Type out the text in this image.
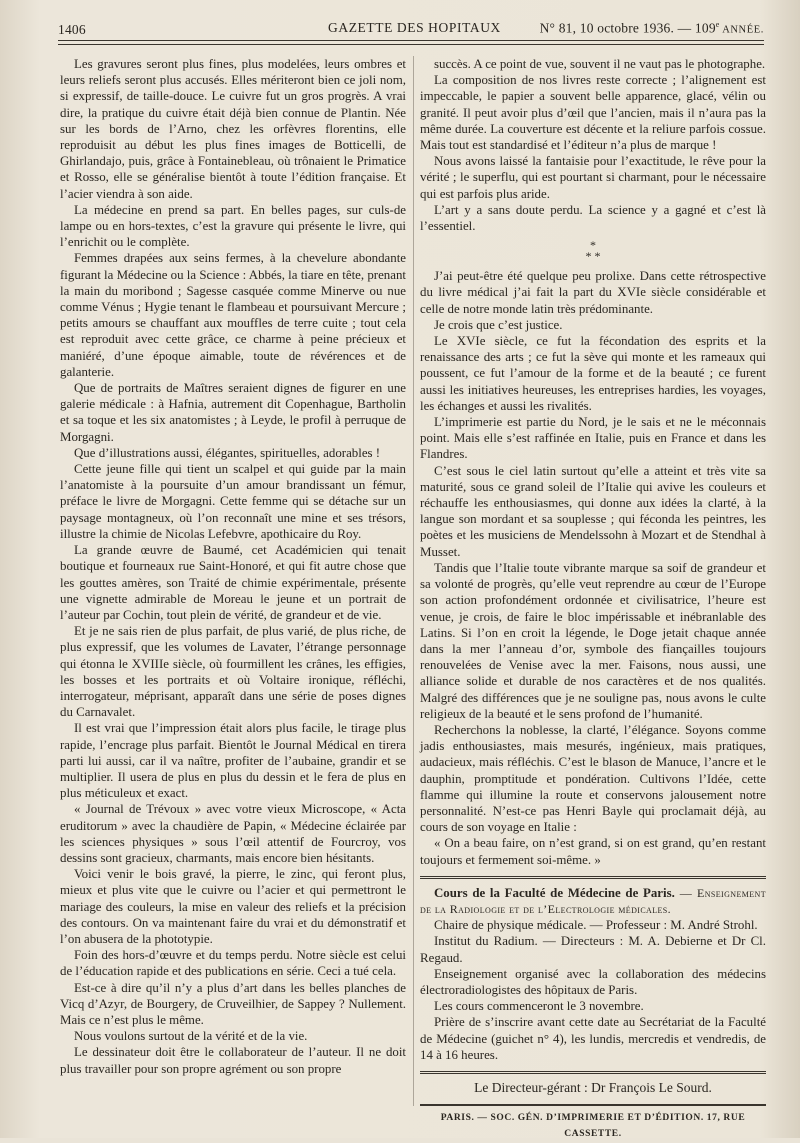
1406	GAZETTE DES HOPITAUX	N° 81, 10 octobre 1936. — 109e ANNÉE.

Les gravures seront plus fines, plus modelées, leurs ombres et leurs reliefs seront plus accusés. Elles mériteront bien ce joli nom, si expressif, de taille-douce. Le cuivre fut un gros progrès. A vrai dire, la pratique du cuivre était déjà bien connue de Plantin. Née sur les bords de l’Arno, chez les orfèvres florentins, elle reproduisit au début les plus fines images de Botticelli, de Ghirlandajo, puis, grâce à Fontainebleau, où trônaient le Primatice et Rosso, elle se généralise bientôt à toute l’édition française. Et l’acier viendra à son aide.

La médecine en prend sa part. En belles pages, sur culs-de lampe ou en hors-textes, c’est la gravure qui présente le livre, qui l’enrichit ou le complète.

Femmes drapées aux seins fermes, à la chevelure abondante figurant la Médecine ou la Science : Abbés, la tiare en tête, prenant la main du moribond ; Sagesse casquée comme Minerve ou nue comme Vénus ; Hygie tenant le flambeau et poursuivant Mercure ; petits amours se chauffant aux mouffles de terre cuite ; tout cela est reproduit avec cette grâce, ce charme à peine précieux et maniéré, d’une époque aimable, toute de révérences et de galanterie.

Que de portraits de Maîtres seraient dignes de figurer en une galerie médicale : à Hafnia, autrement dit Copenhague, Bartholin et sa toque et les six anatomistes ; à Leyde, le profil à perruque de Morgagni.

Que d’illustrations aussi, élégantes, spirituelles, adorables !

Cette jeune fille qui tient un scalpel et qui guide par la main l’anatomiste à la poursuite d’un amour brandissant un fémur, préface le livre de Morgagni. Cette femme qui se détache sur un paysage montagneux, où l’on reconnaît une mine et ses trésors, illustre la chimie de Nicolas Lefebvre, apothicaire du Roy.

La grande œuvre de Baumé, cet Académicien qui tenait boutique et fourneaux rue Saint-Honoré, et qui fit autre chose que les gouttes amères, son Traité de chimie expérimentale, présente une vignette admirable de Moreau le jeune et un portrait de l’auteur par Cochin, tout plein de vérité, de grandeur et de vie.

Et je ne sais rien de plus parfait, de plus varié, de plus riche, de plus expressif, que les volumes de Lavater, l’étrange personnage qui étonna le XVIIIe siècle, où fourmillent les crânes, les effigies, les bosses et les portraits et où Voltaire ironique, réfléchi, interrogateur, méprisant, apparaît dans une série de poses dignes du Carnavalet.

Il est vrai que l’impression était alors plus facile, le tirage plus rapide, l’encrage plus parfait. Bientôt le Journal Médical en tirera parti lui aussi, car il va naître, profiter de l’aubaine, grandir et se multiplier. Il usera de plus en plus du dessin et le fera de plus en plus méticuleux et exact.

« Journal de Trévoux » avec votre vieux Microscope, « Acta eruditorum » avec la chaudière de Papin, « Médecine éclairée par les sciences physiques » sous l’œil attentif de Fourcroy, vos dessins sont gracieux, charmants, mais encore bien hésitants.

Voici venir le bois gravé, la pierre, le zinc, qui feront plus, mieux et plus vite que le cuivre ou l’acier et qui permettront le mariage des couleurs, la mise en valeur des reliefs et la précision des contours. On va maintenant faire du vrai et du démonstratif et l’on abusera de la phototypie.

Foin des hors-d’œuvre et du temps perdu. Notre siècle est celui de l’éducation rapide et des publications en série. Ceci a tué cela.

Est-ce à dire qu’il n’y a plus d’art dans les belles planches de Vicq d’Azyr, de Bourgery, de Cruveilhier, de Sappey ? Nullement. Mais ce n’est plus le même.

Nous voulons surtout de la vérité et de la vie.

Le dessinateur doit être le collaborateur de l’auteur. Il ne doit plus travailler pour son propre agrément ou son propre

succès. A ce point de vue, souvent il ne vaut pas le photographe.

La composition de nos livres reste correcte ; l’alignement est impeccable, le papier a souvent belle apparence, glacé, vélin ou granité. Il peut avoir plus d’œil que l’ancien, mais il n’aura pas la même durée. La couverture est décente et la reliure parfois cossue. Mais tout est standardisé et l’éditeur n’a plus de marque !

Nous avons laissé la fantaisie pour l’exactitude, le rêve pour la vérité ; le superflu, qui est pourtant si charmant, pour le nécessaire qui est parfois plus aride.

L’art y a sans doute perdu. La science y a gagné et c’est là l’essentiel.

*
* *

J’ai peut-être été quelque peu prolixe. Dans cette rétrospective du livre médical j’ai fait la part du XVIe siècle considérable et celle de notre monde latin très prédominante.

Je crois que c’est justice.

Le XVIe siècle, ce fut la fécondation des esprits et la renaissance des arts ; ce fut la sève qui monte et les rameaux qui poussent, ce fut l’amour de la forme et de la beauté ; ce furent aussi les initiatives heureuses, les entreprises hardies, les voyages, les échanges et aussi les rivalités.

L’imprimerie est partie du Nord, je le sais et ne le méconnais point. Mais elle s’est raffinée en Italie, puis en France et dans les Flandres.

C’est sous le ciel latin surtout qu’elle a atteint et très vite sa maturité, sous ce grand soleil de l’Italie qui avive les couleurs et réchauffe les enthousiasmes, qui donne aux idées la clarté, à la langue son mordant et sa souplesse ; qui féconda les peintres, les poètes et les musiciens de Mendelssohn à Mozart et de Stendhal à Musset.

Tandis que l’Italie toute vibrante marque sa soif de grandeur et sa volonté de progrès, qu’elle veut reprendre au cœur de l’Europe son action profondément ordonnée et civilisatrice, l’heure est venue, je crois, de faire le bloc impérissable et inébranlable des Latins. Si l’on en croit la légende, le Doge jetait chaque année dans la mer l’anneau d’or, symbole des fiançailles toujours renouvelées de Venise avec la mer. Faisons, nous aussi, une alliance solide et durable de nos caractères et de nos qualités. Malgré des différences que je ne souligne pas, nous avons le culte religieux de la beauté et le sens profond de l’humanité.

Recherchons la noblesse, la clarté, l’élégance. Soyons comme jadis enthousiastes, mais mesurés, ingénieux, mais pratiques, audacieux, mais réfléchis. C’est le blason de Manuce, l’ancre et le dauphin, promptitude et pondération. Cultivons l’Idée, cette flamme qui illumine la route et conservons jalousement notre personnalité. N’est-ce pas Henri Bayle qui proclamait déjà, au cours de son voyage en Italie :

« On a beau faire, on n’est grand, si on est grand, qu’en restant toujours et fermement soi-même. »

Cours de la Faculté de Médecine de Paris. — Enseignement de la Radiologie et de l’Electrologie médicales.

Chaire de physique médicale. — Professeur : M. André Strohl.

Institut du Radium. — Directeurs : M. A. Debierne et Dr Cl. Regaud.

Enseignement organisé avec la collaboration des médecins électroradiologistes des hôpitaux de Paris.

Les cours commenceront le 3 novembre.

Prière de s’inscrire avant cette date au Secrétariat de la Faculté de Médecine (guichet n° 4), les lundis, mercredis et vendredis, de 14 à 16 heures.

Le Directeur-gérant : Dr François Le Sourd.
PARIS. — SOC. GÉN. D’IMPRIMERIE ET D’ÉDITION. 17, RUE CASSETTE.
